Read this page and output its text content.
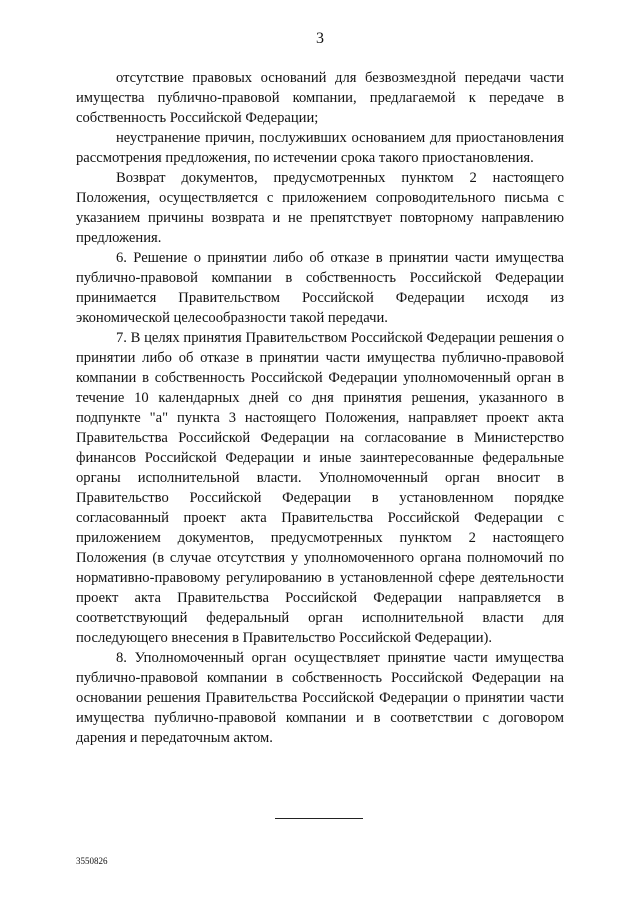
3

отсутствие правовых оснований для безвозмездной передачи части имущества публично-правовой компании, предлагаемой к передаче в собственность Российской Федерации;

неустранение причин, послуживших основанием для приостановления рассмотрения предложения, по истечении срока такого приостановления.

Возврат документов, предусмотренных пунктом 2 настоящего Положения, осуществляется с приложением сопроводительного письма с указанием причины возврата и не препятствует повторному направлению предложения.

6. Решение о принятии либо об отказе в принятии части имущества публично-правовой компании в собственность Российской Федерации принимается Правительством Российской Федерации исходя из экономической целесообразности такой передачи.

7. В целях принятия Правительством Российской Федерации решения о принятии либо об отказе в принятии части имущества публично-правовой компании в собственность Российской Федерации уполномоченный орган в течение 10 календарных дней со дня принятия решения, указанного в подпункте "а" пункта 3 настоящего Положения, направляет проект акта Правительства Российской Федерации на согласование в Министерство финансов Российской Федерации и иные заинтересованные федеральные органы исполнительной власти. Уполномоченный орган вносит в Правительство Российской Федерации в установленном порядке согласованный проект акта Правительства Российской Федерации с приложением документов, предусмотренных пунктом 2 настоящего Положения (в случае отсутствия у уполномоченного органа полномочий по нормативно-правовому регулированию в установленной сфере деятельности проект акта Правительства Российской Федерации направляется в соответствующий федеральный орган исполнительной власти для последующего внесения в Правительство Российской Федерации).

8. Уполномоченный орган осуществляет принятие части имущества публично-правовой компании в собственность Российской Федерации на основании решения Правительства Российской Федерации о принятии части имущества публично-правовой компании и в соответствии с договором дарения и передаточным актом.

3550826
